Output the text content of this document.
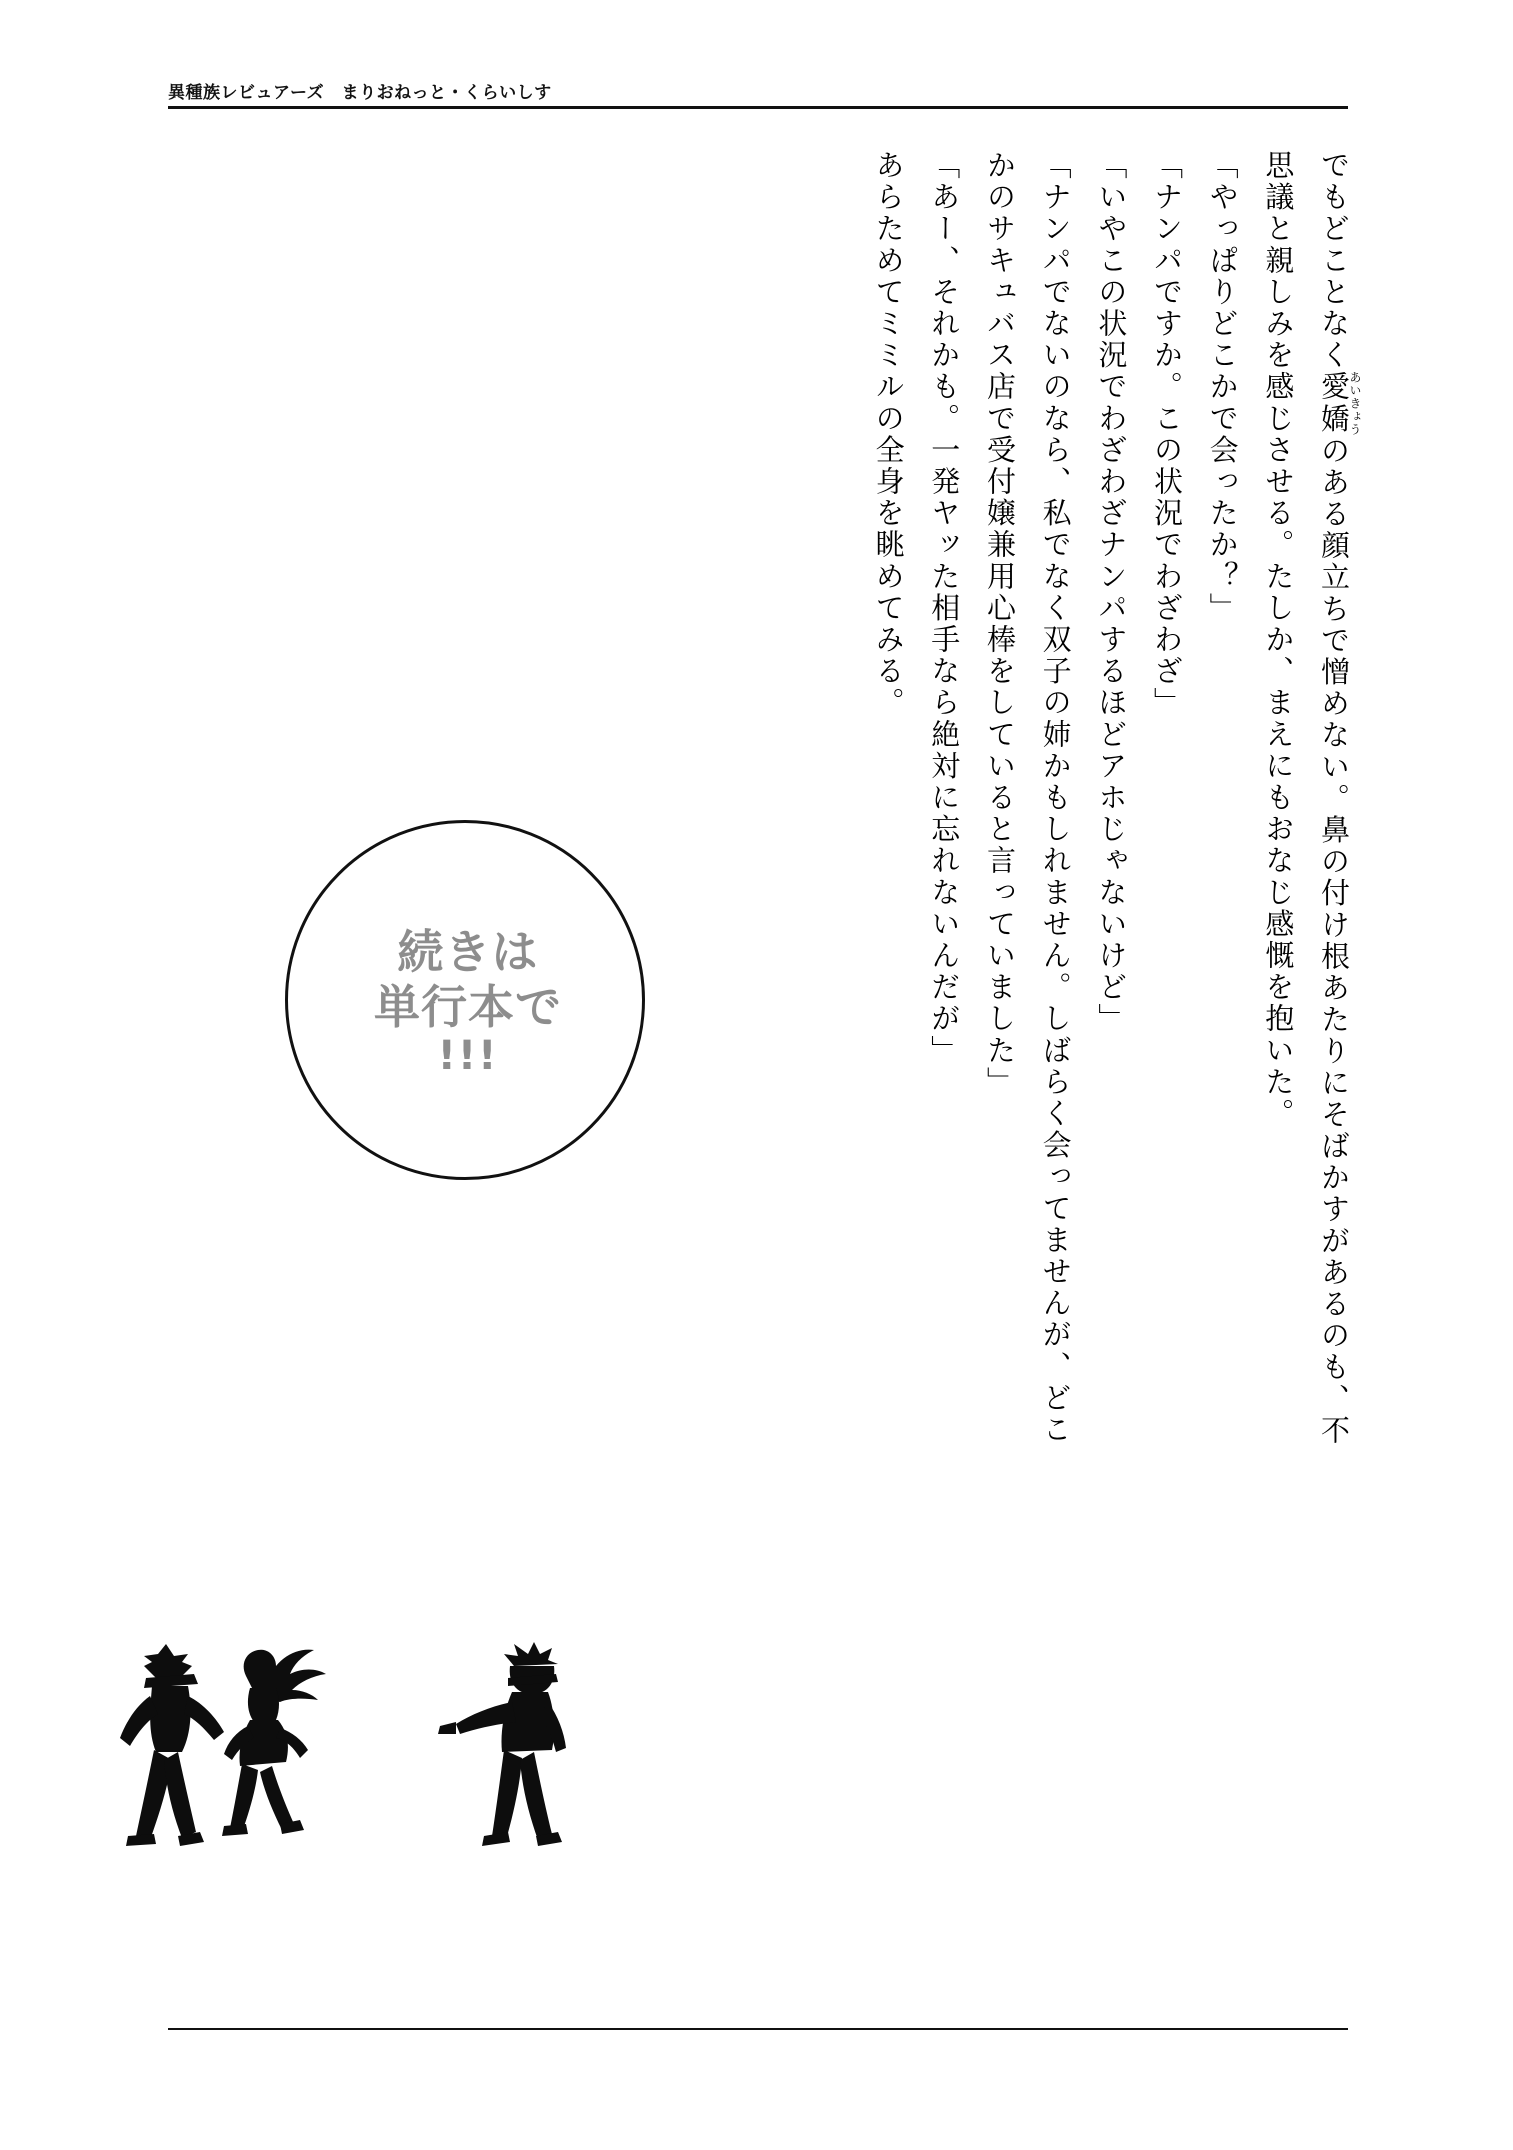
異種族レビュアーズ　まりおねっと・くらいしす

でもどことなく愛嬌あいきょうのある顔立ちで憎めない。鼻の付け根あたりにそばかすがあるのも、不思議と親しみを感じさせる。たしか、まえにもおなじ感慨を抱いた。

「やっぱりどこかで会ったか？」

「ナンパですか。この状況でわざわざ」

「いやこの状況でわざわざナンパするほどアホじゃないけど」

「ナンパでないのなら、私でなく双子の姉かもしれません。しばらく会ってませんが、どこかのサキュバス店で受付嬢兼用心棒をしていると言っていました」

「あー、それかも。一発ヤッた相手なら絶対に忘れないんだが」

あらためてミミルの全身を眺めてみる。

続きは
単行本で
!!!
